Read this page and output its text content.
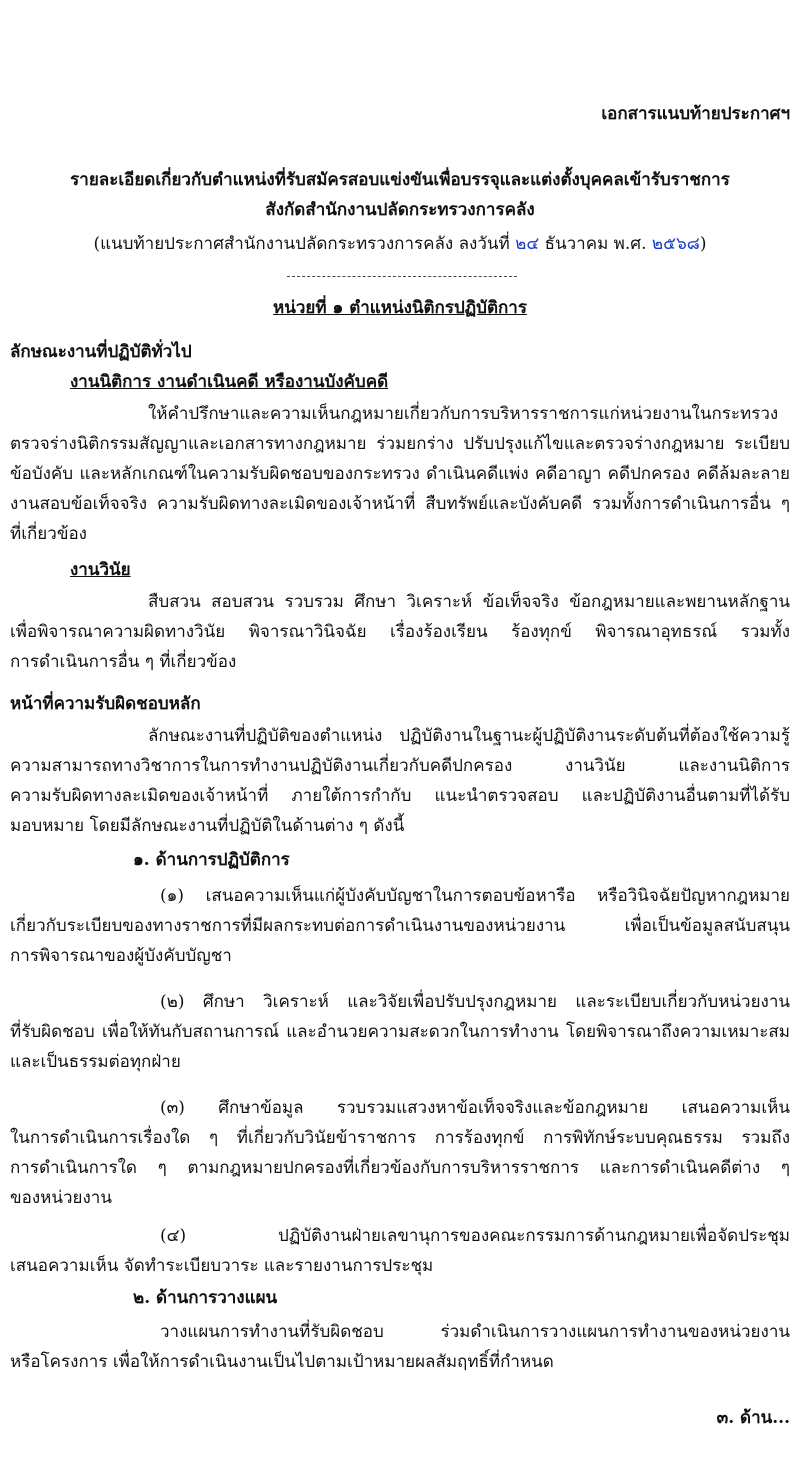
เอกสารแนบท้ายประกาศฯ
รายละเอียดเกี่ยวกับตำแหน่งที่รับสมัครสอบแข่งขันเพื่อบรรจุและแต่งตั้งบุคคลเข้ารับราชการ
สังกัดสำนักงานปลัดกระทรวงการคลัง
(แนบท้ายประกาศสำนักงานปลัดกระทรวงการคลัง ลงวันที่ ๒๔ ธันวาคม พ.ศ. ๒๕๖๘)
หน่วยที่ ๑ ตำแหน่งนิติกรปฏิบัติการ
ลักษณะงานที่ปฏิบัติทั่วไป
งานนิติการ งานดำเนินคดี หรืองานบังคับคดี
ให้คำปรึกษาและความเห็นกฎหมายเกี่ยวกับการบริหารราชการแก่หน่วยงานในกระทรวง
ตรวจร่างนิติกรรมสัญญาและเอกสารทางกฎหมาย ร่วมยกร่าง ปรับปรุงแก้ไขและตรวจร่างกฎหมาย ระเบียบ
ข้อบังคับ และหลักเกณฑ์ในความรับผิดชอบของกระทรวง ดำเนินคดีแพ่ง คดีอาญา คดีปกครอง คดีล้มละลาย
งานสอบข้อเท็จจริง ความรับผิดทางละเมิดของเจ้าหน้าที่ สืบทรัพย์และบังคับคดี รวมทั้งการดำเนินการอื่น ๆ
ที่เกี่ยวข้อง
งานวินัย
สืบสวน สอบสวน รวบรวม ศึกษา วิเคราะห์ ข้อเท็จจริง ข้อกฎหมายและพยานหลักฐาน
เพื่อพิจารณาความผิดทางวินัย พิจารณาวินิจฉัย เรื่องร้องเรียน ร้องทุกข์ พิจารณาอุทธรณ์ รวมทั้ง
การดำเนินการอื่น ๆ ที่เกี่ยวข้อง
หน้าที่ความรับผิดชอบหลัก
ลักษณะงานที่ปฏิบัติของตำแหน่ง ปฏิบัติงานในฐานะผู้ปฏิบัติงานระดับต้นที่ต้องใช้ความรู้
ความสามารถทางวิชาการในการทำงานปฏิบัติงานเกี่ยวกับคดีปกครอง งานวินัย และงานนิติการ
ความรับผิดทางละเมิดของเจ้าหน้าที่ ภายใต้การกำกับ แนะนำตรวจสอบ และปฏิบัติงานอื่นตามที่ได้รับ
มอบหมาย โดยมีลักษณะงานที่ปฏิบัติในด้านต่าง ๆ ดังนี้
๑. ด้านการปฏิบัติการ
(๑) เสนอความเห็นแก่ผู้บังคับบัญชาในการตอบข้อหารือ หรือวินิจฉัยปัญหากฎหมาย
เกี่ยวกับระเบียบของทางราชการที่มีผลกระทบต่อการดำเนินงานของหน่วยงาน เพื่อเป็นข้อมูลสนับสนุน
การพิจารณาของผู้บังคับบัญชา
(๒) ศึกษา วิเคราะห์ และวิจัยเพื่อปรับปรุงกฎหมาย และระเบียบเกี่ยวกับหน่วยงาน
ที่รับผิดชอบ เพื่อให้ทันกับสถานการณ์ และอำนวยความสะดวกในการทำงาน โดยพิจารณาถึงความเหมาะสม
และเป็นธรรมต่อทุกฝ่าย
(๓) ศึกษาข้อมูล รวบรวมแสวงหาข้อเท็จจริงและข้อกฎหมาย เสนอความเห็น
ในการดำเนินการเรื่องใด ๆ ที่เกี่ยวกับวินัยข้าราชการ การร้องทุกข์ การพิทักษ์ระบบคุณธรรม รวมถึง
การดำเนินการใด ๆ ตามกฎหมายปกครองที่เกี่ยวข้องกับการบริหารราชการ และการดำเนินคดีต่าง ๆ
ของหน่วยงาน
(๔) ปฏิบัติงานฝ่ายเลขานุการของคณะกรรมการด้านกฎหมายเพื่อจัดประชุม
เสนอความเห็น จัดทำระเบียบวาระ และรายงานการประชุม
๒. ด้านการวางแผน
วางแผนการทำงานที่รับผิดชอบ ร่วมดำเนินการวางแผนการทำงานของหน่วยงาน
หรือโครงการ เพื่อให้การดำเนินงานเป็นไปตามเป้าหมายผลสัมฤทธิ์ที่กำหนด
๓. ด้าน...
